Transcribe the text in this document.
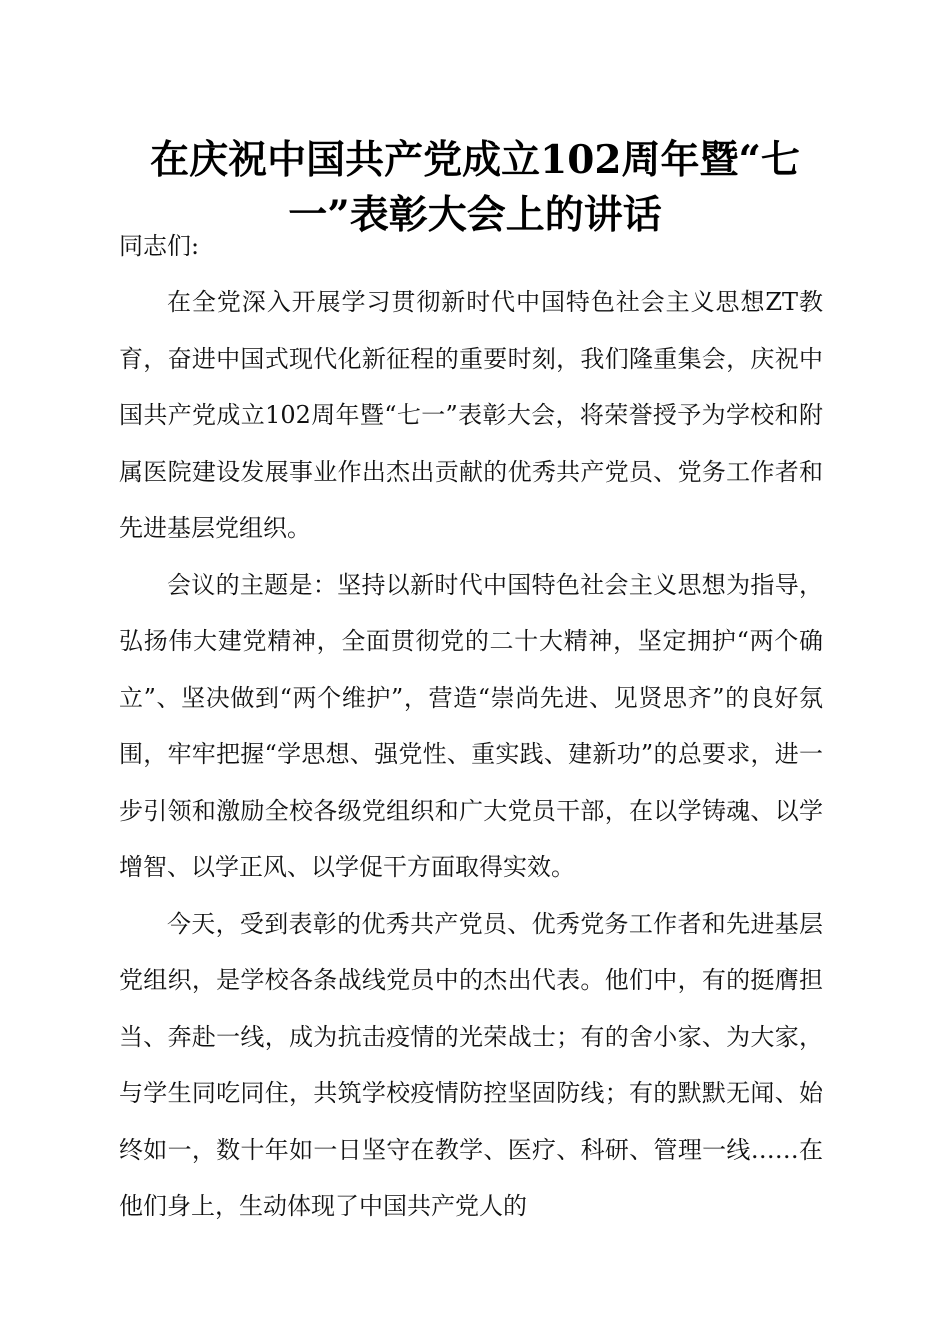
在庆祝中国共产党成立102周年暨“七一”表彰大会上的讲话

同志们:

在全党深入开展学习贯彻新时代中国特色社会主义思想ZT教育，奋进中国式现代化新征程的重要时刻，我们隆重集会，庆祝中国共产党成立102周年暨“七一”表彰大会，将荣誉授予为学校和附属医院建设发展事业作出杰出贡献的优秀共产党员、党务工作者和先进基层党组织。

会议的主题是：坚持以新时代中国特色社会主义思想为指导，弘扬伟大建党精神，全面贯彻党的二十大精神，坚定拥护“两个确立”、坚决做到“两个维护”，营造“崇尚先进、见贤思齐”的良好氛围，牢牢把握“学思想、强党性、重实践、建新功”的总要求，进一步引领和激励全校各级党组织和广大党员干部，在以学铸魂、以学增智、以学正风、以学促干方面取得实效。

今天，受到表彰的优秀共产党员、优秀党务工作者和先进基层党组织，是学校各条战线党员中的杰出代表。他们中，有的挺膺担当、奔赴一线，成为抗击疫情的光荣战士；有的舍小家、为大家，与学生同吃同住，共筑学校疫情防控坚固防线；有的默默无闻、始终如一，数十年如一日坚守在教学、医疗、科研、管理一线……在他们身上，生动体现了中国共产党人的
